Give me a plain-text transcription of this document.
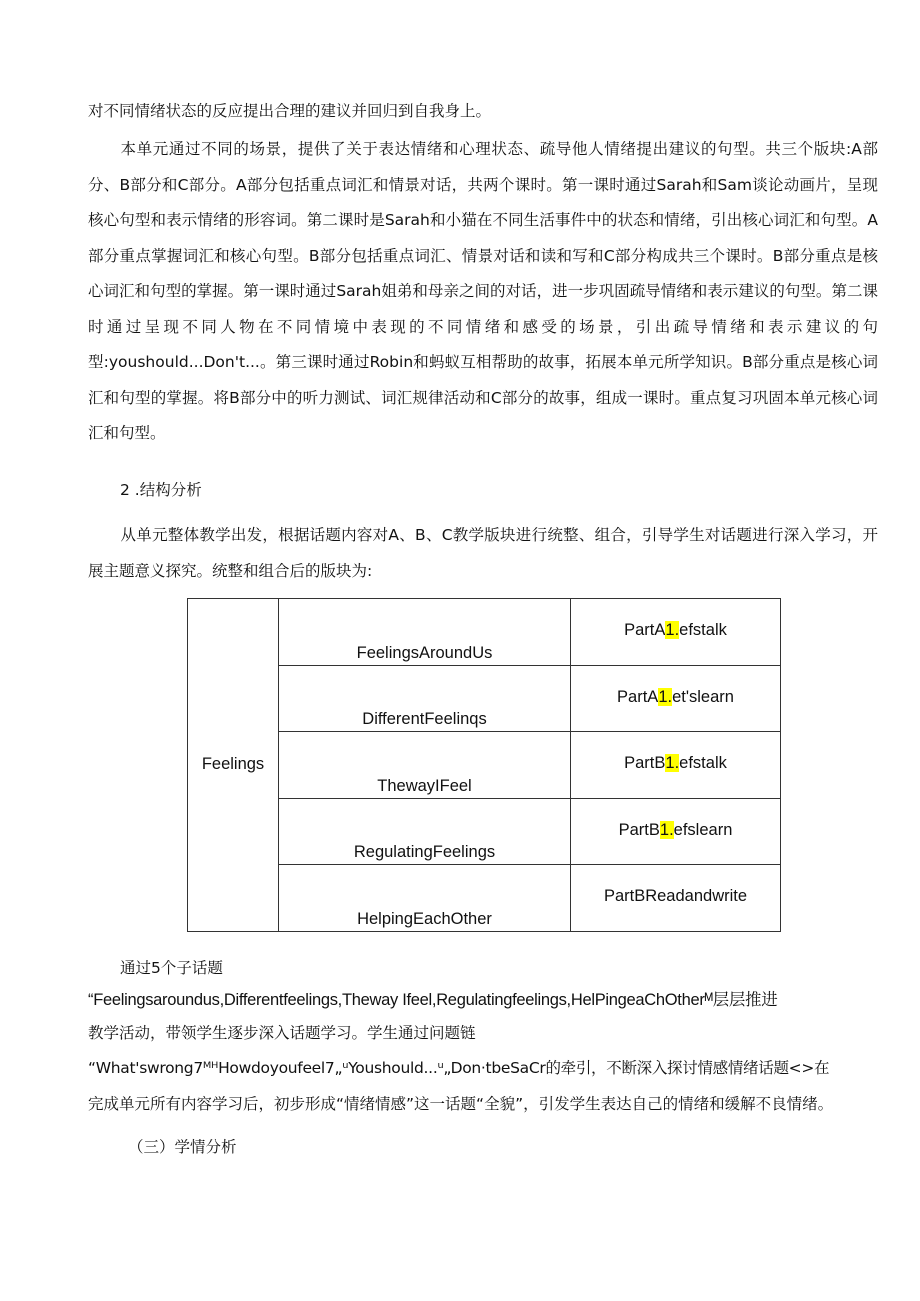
对不同情绪状态的反应提出合理的建议并回归到自我身上。
本单元通过不同的场景，提供了关于表达情绪和心理状态、疏导他人情绪提出建议的句型。共三个版块:A部分、B部分和C部分。A部分包括重点词汇和情景对话，共两个课时。第一课时通过Sarah和Sam谈论动画片，呈现核心句型和表示情绪的形容词。第二课时是Sarah和小猫在不同生活事件中的状态和情绪，引出核心词汇和句型。A部分重点掌握词汇和核心句型。B部分包括重点词汇、情景对话和读和写和C部分构成共三个课时。B部分重点是核心词汇和句型的掌握。第一课时通过Sarah姐弟和母亲之间的对话，进一步巩固疏导情绪和表示建议的句型。第二课时通过呈现不同人物在不同情境中表现的不同情绪和感受的场景，引出疏导情绪和表示建议的句型:youshould...Don't...。第三课时通过Robin和蚂蚁互相帮助的故事，拓展本单元所学知识。B部分重点是核心词汇和句型的掌握。将B部分中的听力测试、词汇规律活动和C部分的故事，组成一课时。重点复习巩固本单元核心词汇和句型。
2 .结构分析
从单元整体教学出发，根据话题内容对A、B、C教学版块进行统整、组合，引导学生对话题进行深入学习，开展主题意义探究。统整和组合后的版块为:
Feelings	FeelingsAroundUs	PartA1.efstalk
	DifferentFeelinqs	PartA1.et'slearn
	ThewayIFeel	PartB1.efstalk
	RegulatingFeelings	PartB1.efslearn
	HelpingEachOther	PartBReadandwrite
通过5个子话题
“Feelingsaroundus,Differentfeelings,Theway Ifeel,Regulatingfeelings,HelPingeaChOtherᴹ层层推进
教学活动，带领学生逐步深入话题学习。学生通过问题链
“What'swrong7ᴹᴴHowdoyoufeel7„ᵘYoushould...ᵘ„Don·tbeSaCr的牵引，不断深入探讨情感情绪话题<>在
完成单元所有内容学习后，初步形成“情绪情感”这一话题“全貌”，引发学生表达自己的情绪和缓解不良情绪。
（三）学情分析
